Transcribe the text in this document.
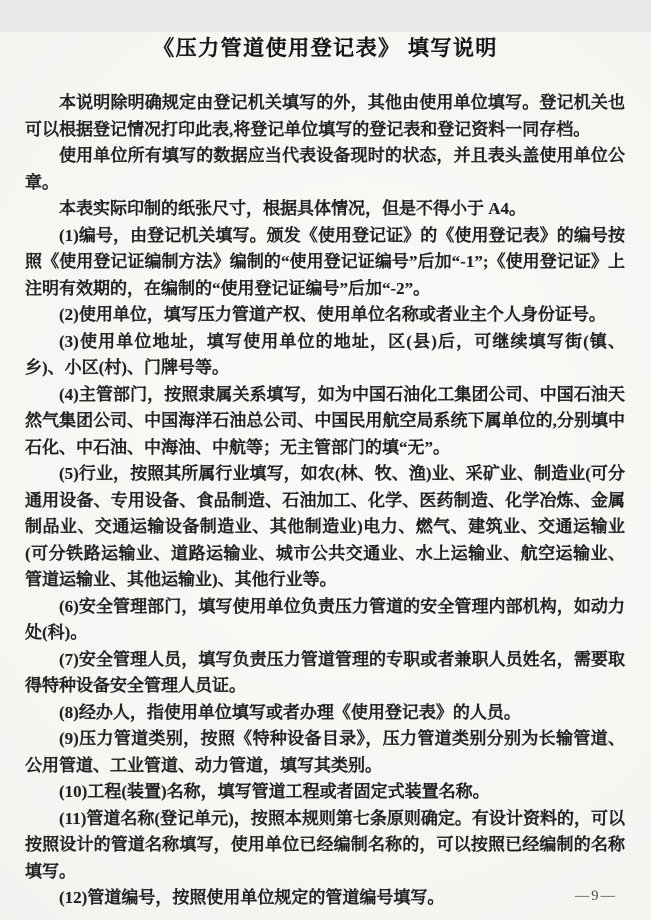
《压力管道使用登记表》 填写说明

本说明除明确规定由登记机关填写的外，其他由使用单位填写。登记机关也可以根据登记情况打印此表,将登记单位填写的登记表和登记资料一同存档。

使用单位所有填写的数据应当代表设备现时的状态，并且表头盖使用单位公章。

本表实际印制的纸张尺寸，根据具体情况，但是不得小于 A4。

(1)编号，由登记机关填写。颁发《使用登记证》的《使用登记表》的编号按照《使用登记证编制方法》编制的“使用登记证编号”后加“-1”;《使用登记证》上注明有效期的，在编制的“使用登记证编号”后加“-2”。

(2)使用单位，填写压力管道产权、使用单位名称或者业主个人身份证号。

(3)使用单位地址，填写使用单位的地址，区(县)后，可继续填写街(镇、乡)、小区(村)、门牌号等。

(4)主管部门，按照隶属关系填写，如为中国石油化工集团公司、中国石油天然气集团公司、中国海洋石油总公司、中国民用航空局系统下属单位的,分别填中石化、中石油、中海油、中航等；无主管部门的填“无”。

(5)行业，按照其所属行业填写，如农(林、牧、渔)业、采矿业、制造业(可分通用设备、专用设备、食品制造、石油加工、化学、医药制造、化学冶炼、金属制品业、交通运输设备制造业、其他制造业)电力、燃气、建筑业、交通运输业(可分铁路运输业、道路运输业、城市公共交通业、水上运输业、航空运输业、管道运输业、其他运输业)、其他行业等。

(6)安全管理部门，填写使用单位负责压力管道的安全管理内部机构，如动力处(科)。

(7)安全管理人员，填写负责压力管道管理的专职或者兼职人员姓名，需要取得特种设备安全管理人员证。

(8)经办人，指使用单位填写或者办理《使用登记表》的人员。

(9)压力管道类别，按照《特种设备目录》，压力管道类别分别为长输管道、公用管道、工业管道、动力管道，填写其类别。

(10)工程(装置)名称，填写管道工程或者固定式装置名称。

(11)管道名称(登记单元)，按照本规则第七条原则确定。有设计资料的，可以按照设计的管道名称填写，使用单位已经编制名称的，可以按照已经编制的名称填写。

(12)管道编号，按照使用单位规定的管道编号填写。	—9—
